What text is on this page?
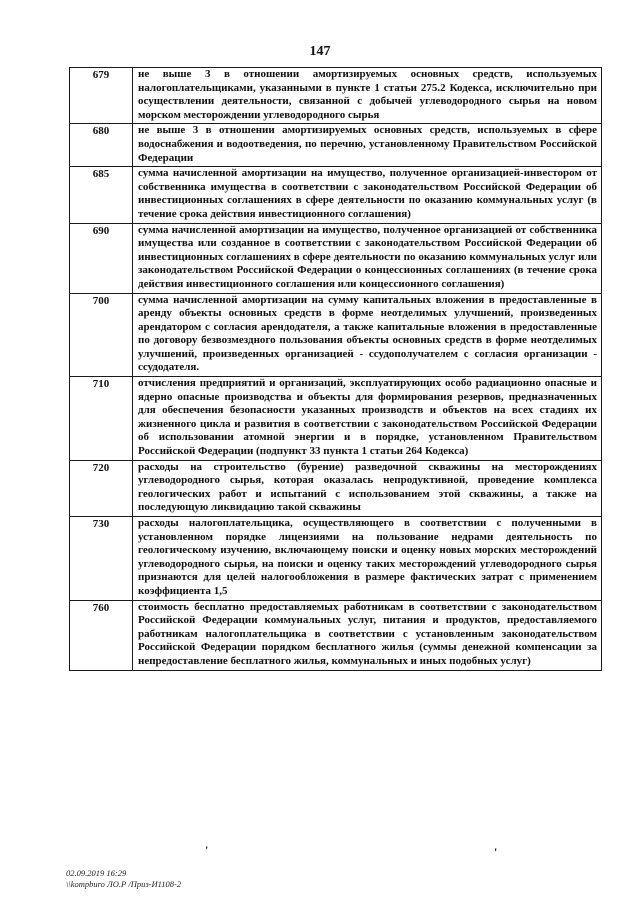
147
679	не выше 3 в отношении амортизируемых основных средств, используемых налогоплательщиками, указанными в пункте 1 статьи 275.2 Кодекса, исключительно при осуществлении деятельности, связанной с добычей углеводородного сырья на новом морском месторождении углеводородного сырья
680	не выше 3 в отношении амортизируемых основных средств, используемых в сфере водоснабжения и водоотведения, по перечню, установленному Правительством Российской Федерации
685	сумма начисленной амортизации на имущество, полученное организацией-инвестором от собственника имущества в соответствии с законодательством Российской Федерации об инвестиционных соглашениях в сфере деятельности по оказанию коммунальных услуг (в течение срока действия инвестиционного соглашения)
690	сумма начисленной амортизации на имущество, полученное организацией от собственника имущества или созданное в соответствии с законодательством Российской Федерации об инвестиционных соглашениях в сфере деятельности по оказанию коммунальных услуг или законодательством Российской Федерации о концессионных соглашениях (в течение срока действия инвестиционного соглашения или концессионного соглашения)
700	сумма начисленной амортизации на сумму капитальных вложения в предоставленные в аренду объекты основных средств в форме неотделимых улучшений, произведенных арендатором с согласия арендодателя, а также капитальные вложения в предоставленные по договору безвозмездного пользования объекты основных средств в форме неотделимых улучшений, произведенных организацией - ссудополучателем с согласия организации - ссудодателя.
710	отчисления предприятий и организаций, эксплуатирующих особо радиационно опасные и ядерно опасные производства и объекты для формирования резервов, предназначенных для обеспечения безопасности указанных производств и объектов на всех стадиях их жизненного цикла и развития в соответствии с законодательством Российской Федерации об использовании атомной энергии и в порядке, установленном Правительством Российской Федерации (подпункт 33 пункта 1 статьи 264 Кодекса)
720	расходы на строительство (бурение) разведочной скважины на месторождениях углеводородного сырья, которая оказалась непродуктивной, проведение комплекса геологических работ и испытаний с использованием этой скважины, а также на последующую ликвидацию такой скважины
730	расходы налогоплательщика, осуществляющего в соответствии с полученными в установленном порядке лицензиями на пользование недрами деятельность по геологическому изучению, включающему поиски и оценку новых морских месторождений углеводородного сырья, на поиски и оценку таких месторождений углеводородного сырья признаются для целей налогообложения в размере фактических затрат с применением коэффициента 1,5
760	стоимость бесплатно предоставляемых работникам в соответствии с законодательством Российской Федерации коммунальных услуг, питания и продуктов, предоставляемого работникам налогоплательщика в соответствии с установленным законодательством Российской Федерации порядком бесплатного жилья (суммы денежной компенсации за непредоставление бесплатного жилья, коммунальных и иных подобных услуг)
'	'
02.09.2019 16:29
\\kompburo ЛО.Р /Приз-И1108-2
